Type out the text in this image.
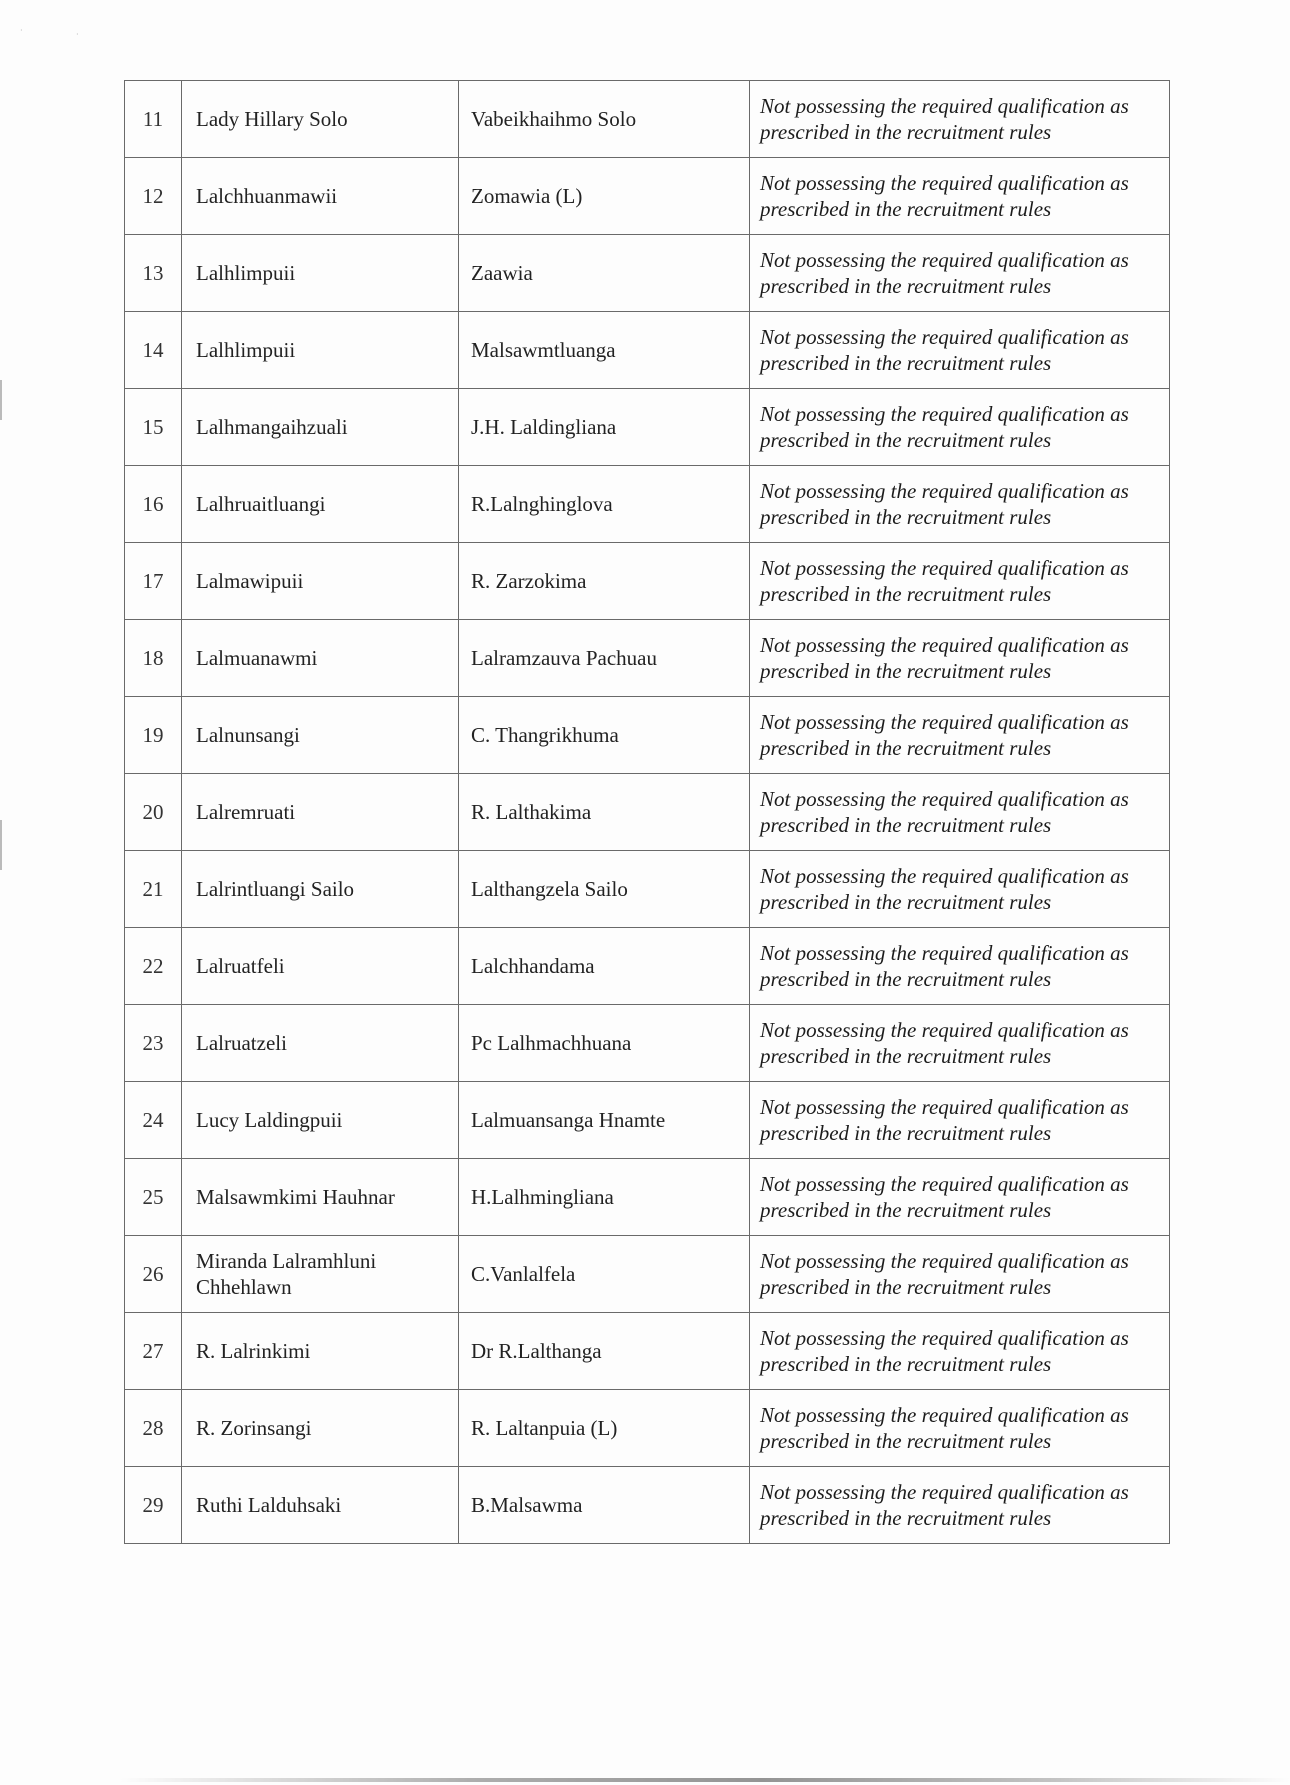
·	·
11	Lady Hillary Solo	Vabeikhaihmo Solo	Not possessing the required qualification as prescribed in the recruitment rules
12	Lalchhuanmawii	Zomawia (L)	Not possessing the required qualification as prescribed in the recruitment rules
13	Lalhlimpuii	Zaawia	Not possessing the required qualification as prescribed in the recruitment rules
14	Lalhlimpuii	Malsawmtluanga	Not possessing the required qualification as prescribed in the recruitment rules
15	Lalhmangaihzuali	J.H. Laldingliana	Not possessing the required qualification as prescribed in the recruitment rules
16	Lalhruaitluangi	R.Lalnghinglova	Not possessing the required qualification as prescribed in the recruitment rules
17	Lalmawipuii	R. Zarzokima	Not possessing the required qualification as prescribed in the recruitment rules
18	Lalmuanawmi	Lalramzauva Pachuau	Not possessing the required qualification as prescribed in the recruitment rules
19	Lalnunsangi	C. Thangrikhuma	Not possessing the required qualification as prescribed in the recruitment rules
20	Lalremruati	R. Lalthakima	Not possessing the required qualification as prescribed in the recruitment rules
21	Lalrintluangi Sailo	Lalthangzela Sailo	Not possessing the required qualification as prescribed in the recruitment rules
22	Lalruatfeli	Lalchhandama	Not possessing the required qualification as prescribed in the recruitment rules
23	Lalruatzeli	Pc Lalhmachhuana	Not possessing the required qualification as prescribed in the recruitment rules
24	Lucy Laldingpuii	Lalmuansanga Hnamte	Not possessing the required qualification as prescribed in the recruitment rules
25	Malsawmkimi Hauhnar	H.Lalhmingliana	Not possessing the required qualification as prescribed in the recruitment rules
26	Miranda Lalramhluni Chhehlawn	C.Vanlalfela	Not possessing the required qualification as prescribed in the recruitment rules
27	R. Lalrinkimi	Dr R.Lalthanga	Not possessing the required qualification as prescribed in the recruitment rules
28	R. Zorinsangi	R. Laltanpuia (L)	Not possessing the required qualification as prescribed in the recruitment rules
29	Ruthi Lalduhsaki	B.Malsawma	Not possessing the required qualification as prescribed in the recruitment rules
